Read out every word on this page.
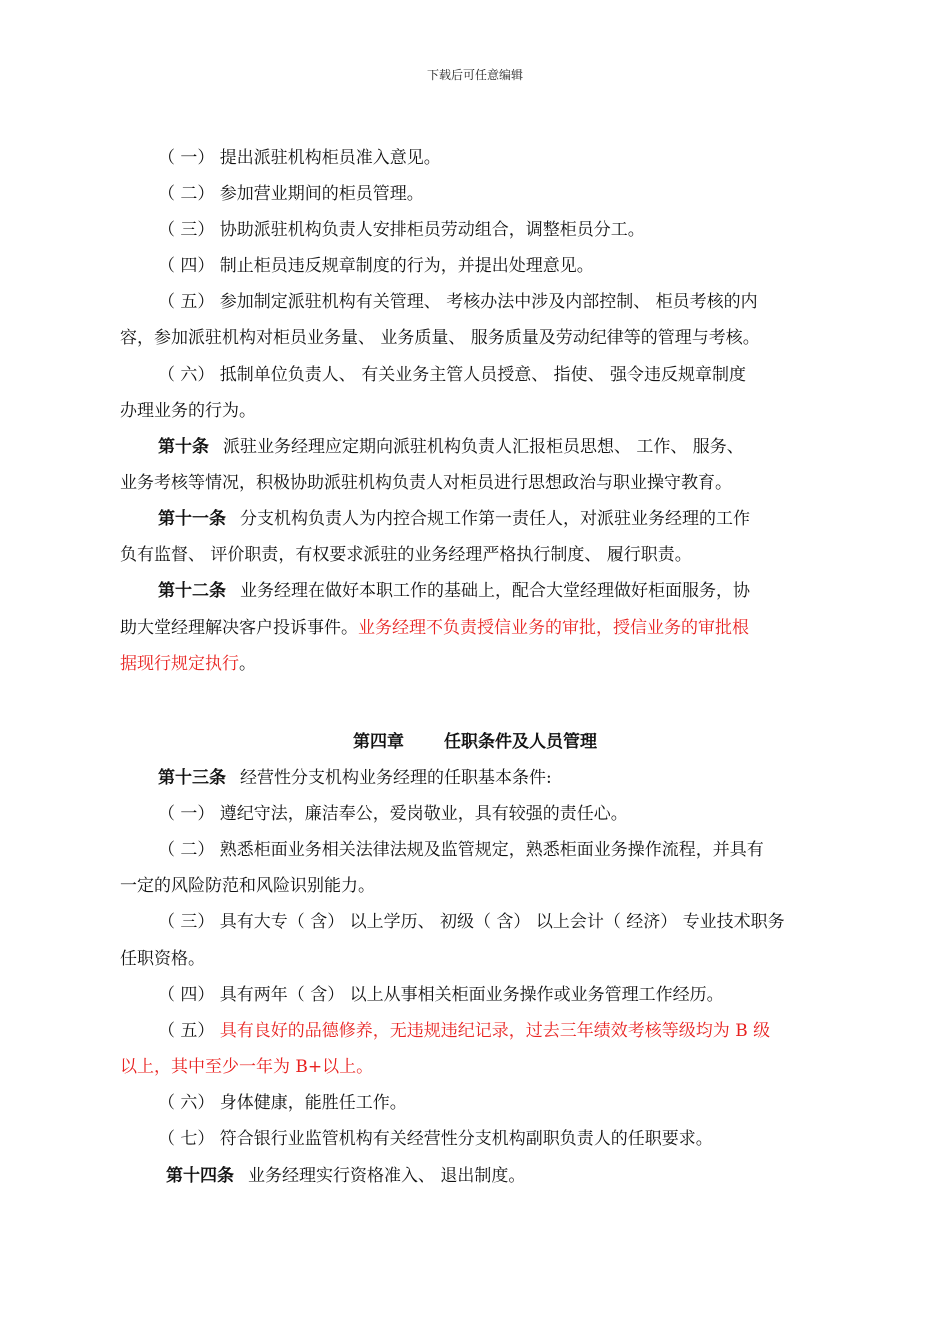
下载后可任意编辑
（ 一） 提出派驻机构柜员准入意见。
（ 二） 参加营业期间的柜员管理。
（ 三） 协助派驻机构负责人安排柜员劳动组合，调整柜员分工。
（ 四） 制止柜员违反规章制度的行为，并提出处理意见。
（ 五） 参加制定派驻机构有关管理、 考核办法中涉及内部控制、 柜员考核的内
容，参加派驻机构对柜员业务量、 业务质量、 服务质量及劳动纪律等的管理与考核。
（ 六） 抵制单位负责人、 有关业务主管人员授意、 指使、 强令违反规章制度
办理业务的行为。
第十条 派驻业务经理应定期向派驻机构负责人汇报柜员思想、 工作、 服务、
业务考核等情况，积极协助派驻机构负责人对柜员进行思想政治与职业操守教育。
第十一条 分支机构负责人为内控合规工作第一责任人，对派驻业务经理的工作
负有监督、 评价职责，有权要求派驻的业务经理严格执行制度、 履行职责。
第十二条 业务经理在做好本职工作的基础上，配合大堂经理做好柜面服务，协
助大堂经理解决客户投诉事件。业务经理不负责授信业务的审批，授信业务的审批根
据现行规定执行。
第四章 任职条件及人员管理
第十三条 经营性分支机构业务经理的任职基本条件:
（ 一） 遵纪守法，廉洁奉公，爱岗敬业，具有较强的责任心。
（ 二） 熟悉柜面业务相关法律法规及监管规定，熟悉柜面业务操作流程，并具有
一定的风险防范和风险识别能力。
（ 三） 具有大专（ 含） 以上学历、 初级（ 含） 以上会计（ 经济） 专业技术职务
任职资格。
（ 四） 具有两年（ 含） 以上从事相关柜面业务操作或业务管理工作经历。
（ 五） 具有良好的品德修养，无违规违纪记录，过去三年绩效考核等级均为 B 级
以上，其中至少一年为 B+以上。
（ 六） 身体健康，能胜任工作。
（ 七） 符合银行业监管机构有关经营性分支机构副职负责人的任职要求。
第十四条 业务经理实行资格准入、 退出制度。
